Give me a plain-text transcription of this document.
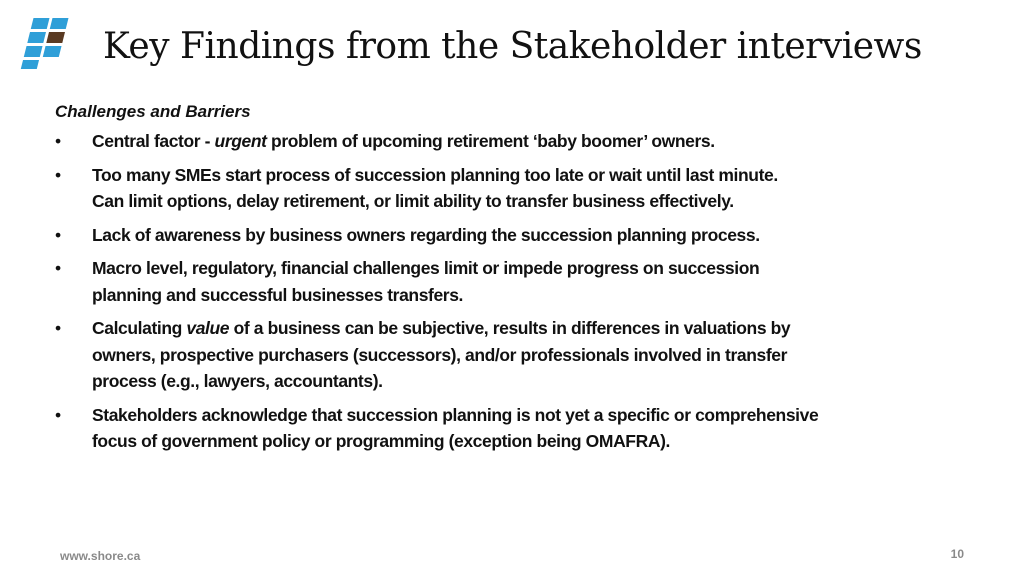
Key Findings from the Stakeholder interviews

Challenges and Barriers

• Central factor - urgent problem of upcoming retirement ‘baby boomer’ owners.
• Too many SMEs start process of succession planning too late or wait until last minute.
Can limit options, delay retirement, or limit ability to transfer business effectively.
• Lack of awareness by business owners regarding the succession planning process.
• Macro level, regulatory, financial challenges limit or impede progress on succession
planning and successful businesses transfers.
• Calculating value of a business can be subjective, results in differences in valuations by
owners, prospective purchasers (successors), and/or professionals involved in transfer
process (e.g., lawyers, accountants).
• Stakeholders acknowledge that succession planning is not yet a specific or comprehensive
focus of government policy or programming (exception being OMAFRA).
www.shore.ca	10
